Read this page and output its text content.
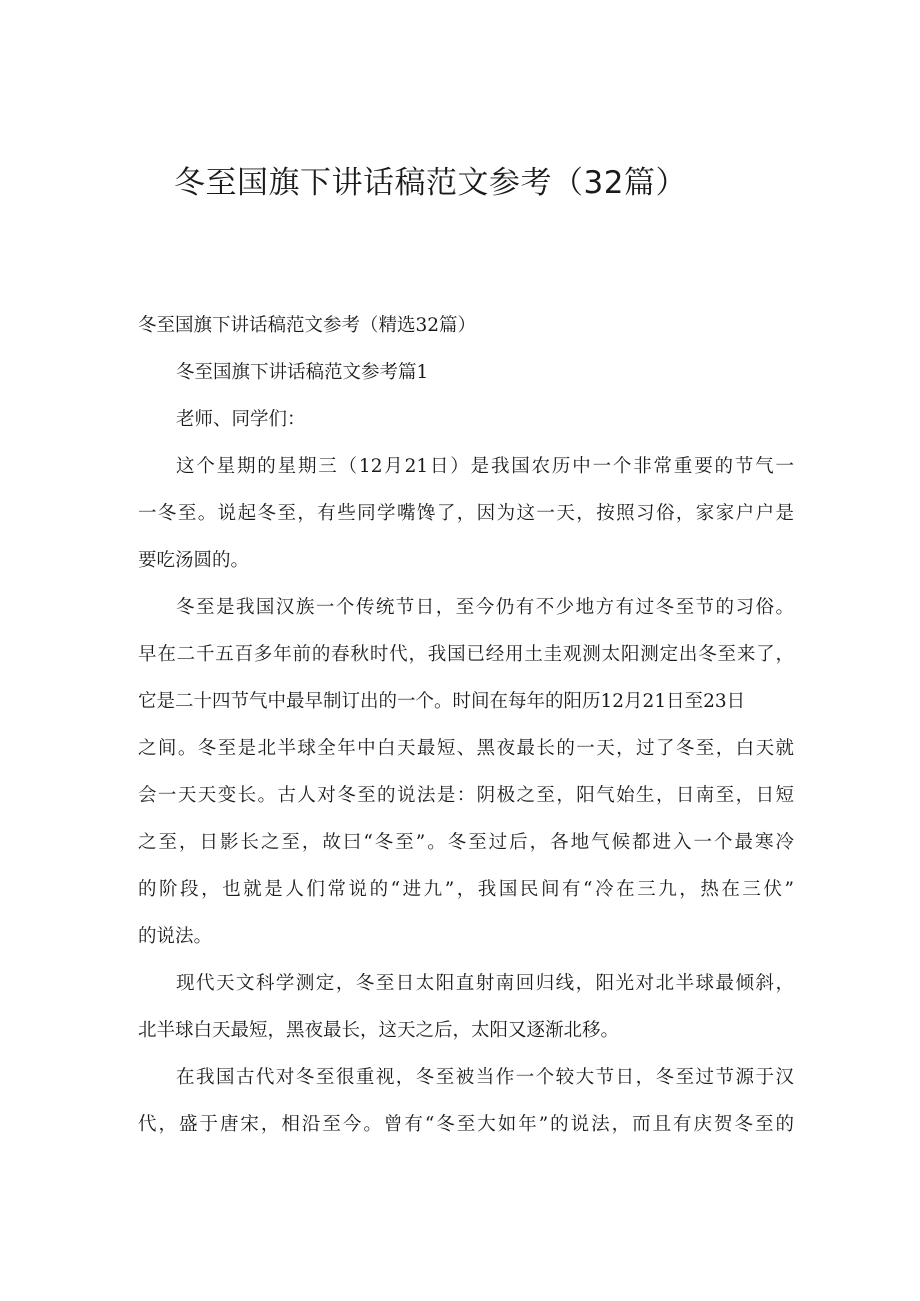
冬至国旗下讲话稿范文参考（32篇）

冬至国旗下讲话稿范文参考（精选32篇）

冬至国旗下讲话稿范文参考篇1

老师、同学们：

这个星期的星期三（12月21日）是我国农历中一个非常重要的节气一

一冬至。说起冬至，有些同学嘴馋了，因为这一天，按照习俗，家家户户是

要吃汤圆的。

冬至是我国汉族一个传统节日，至今仍有不少地方有过冬至节的习俗。

早在二千五百多年前的春秋时代，我国已经用土圭观测太阳测定出冬至来了，

它是二十四节气中最早制订出的一个。时间在每年的阳历12月21日至23日

之间。冬至是北半球全年中白天最短、黑夜最长的一天，过了冬至，白天就

会一天天变长。古人对冬至的说法是：阴极之至，阳气始生，日南至，日短

之至，日影长之至，故曰“冬至”。冬至过后，各地气候都进入一个最寒冷

的阶段，也就是人们常说的“进九”，我国民间有“冷在三九，热在三伏”

的说法。

现代天文科学测定，冬至日太阳直射南回归线，阳光对北半球最倾斜，

北半球白天最短，黑夜最长，这天之后，太阳又逐渐北移。

在我国古代对冬至很重视，冬至被当作一个较大节日，冬至过节源于汉

代，盛于唐宋，相沿至今。曾有“冬至大如年”的说法，而且有庆贺冬至的
